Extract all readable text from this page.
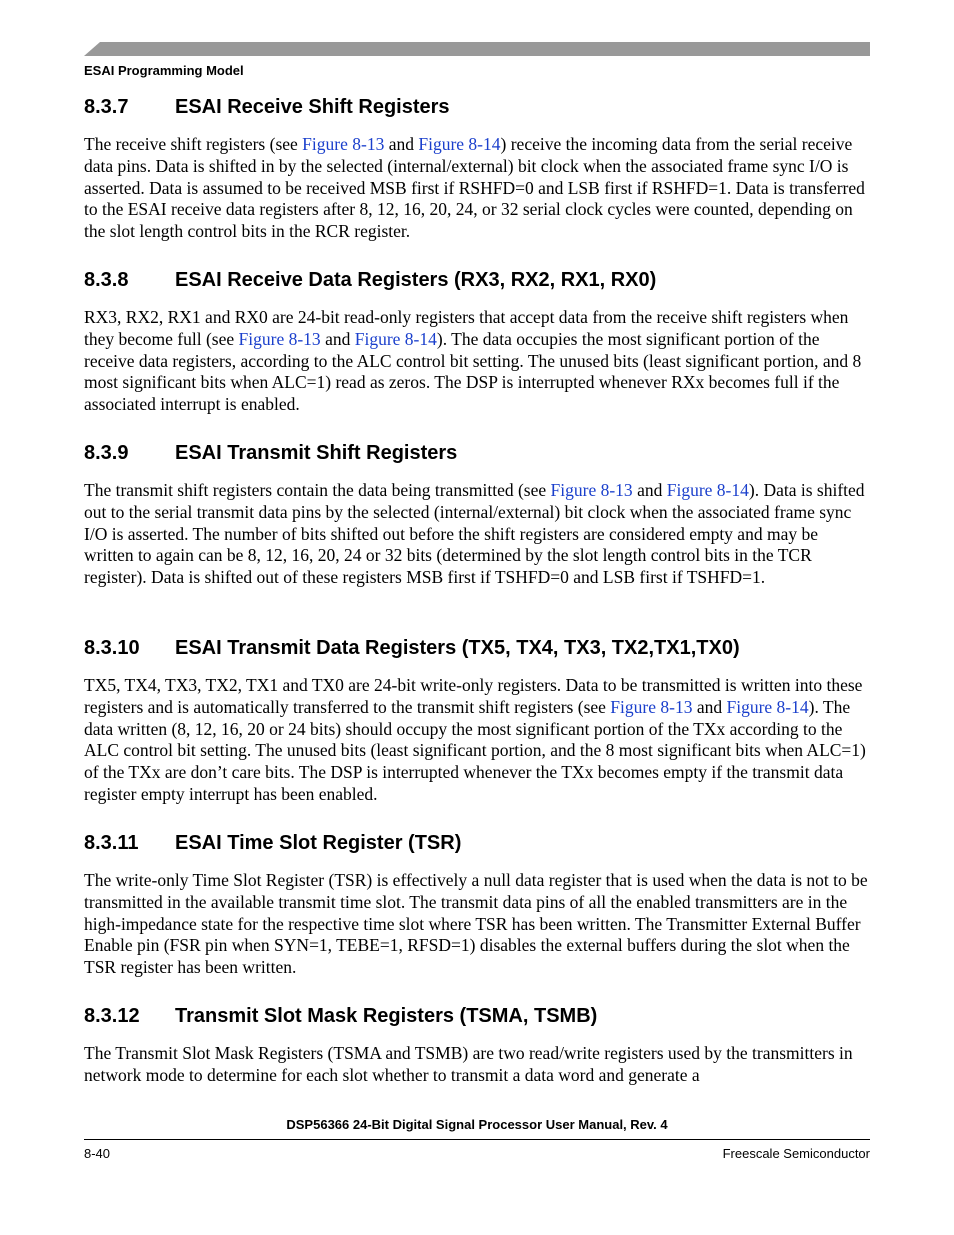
ESAI Programming Model
8.3.7	ESAI Receive Shift Registers

The receive shift registers (see Figure 8-13 and Figure 8-14) receive the incoming data from the serial receive data pins. Data is shifted in by the selected (internal/external) bit clock when the associated frame sync I/O is asserted. Data is assumed to be received MSB first if RSHFD=0 and LSB first if RSHFD=1. Data is transferred to the ESAI receive data registers after 8, 12, 16, 20, 24, or 32 serial clock cycles were counted, depending on the slot length control bits in the RCR register.

8.3.8	ESAI Receive Data Registers (RX3, RX2, RX1, RX0)

RX3, RX2, RX1 and RX0 are 24-bit read-only registers that accept data from the receive shift registers when they become full (see Figure 8-13 and Figure 8-14). The data occupies the most significant portion of the receive data registers, according to the ALC control bit setting. The unused bits (least significant portion, and 8 most significant bits when ALC=1) read as zeros. The DSP is interrupted whenever RXx becomes full if the associated interrupt is enabled.

8.3.9	ESAI Transmit Shift Registers

The transmit shift registers contain the data being transmitted (see Figure 8-13 and Figure 8-14). Data is shifted out to the serial transmit data pins by the selected (internal/external) bit clock when the associated frame sync I/O is asserted. The number of bits shifted out before the shift registers are considered empty and may be written to again can be 8, 12, 16, 20, 24 or 32 bits (determined by the slot length control bits in the TCR register). Data is shifted out of these registers MSB first if TSHFD=0 and LSB first if TSHFD=1.

8.3.10	ESAI Transmit Data Registers (TX5, TX4, TX3, TX2,TX1,TX0)

TX5, TX4, TX3, TX2, TX1 and TX0 are 24-bit write-only registers. Data to be transmitted is written into these registers and is automatically transferred to the transmit shift registers (see Figure 8-13 and Figure 8-14). The data written (8, 12, 16, 20 or 24 bits) should occupy the most significant portion of the TXx according to the ALC control bit setting. The unused bits (least significant portion, and the 8 most significant bits when ALC=1) of the TXx are don’t care bits. The DSP is interrupted whenever the TXx becomes empty if the transmit data register empty interrupt has been enabled.

8.3.11	ESAI Time Slot Register (TSR)

The write-only Time Slot Register (TSR) is effectively a null data register that is used when the data is not to be transmitted in the available transmit time slot. The transmit data pins of all the enabled transmitters are in the high-impedance state for the respective time slot where TSR has been written. The Transmitter External Buffer Enable pin (FSR pin when SYN=1, TEBE=1, RFSD=1) disables the external buffers during the slot when the TSR register has been written.

8.3.12	Transmit Slot Mask Registers (TSMA, TSMB)

The Transmit Slot Mask Registers (TSMA and TSMB) are two read/write registers used by the transmitters in network mode to determine for each slot whether to transmit a data word and generate a

DSP56366 24-Bit Digital Signal Processor User Manual, Rev. 4
8-40	Freescale Semiconductor
